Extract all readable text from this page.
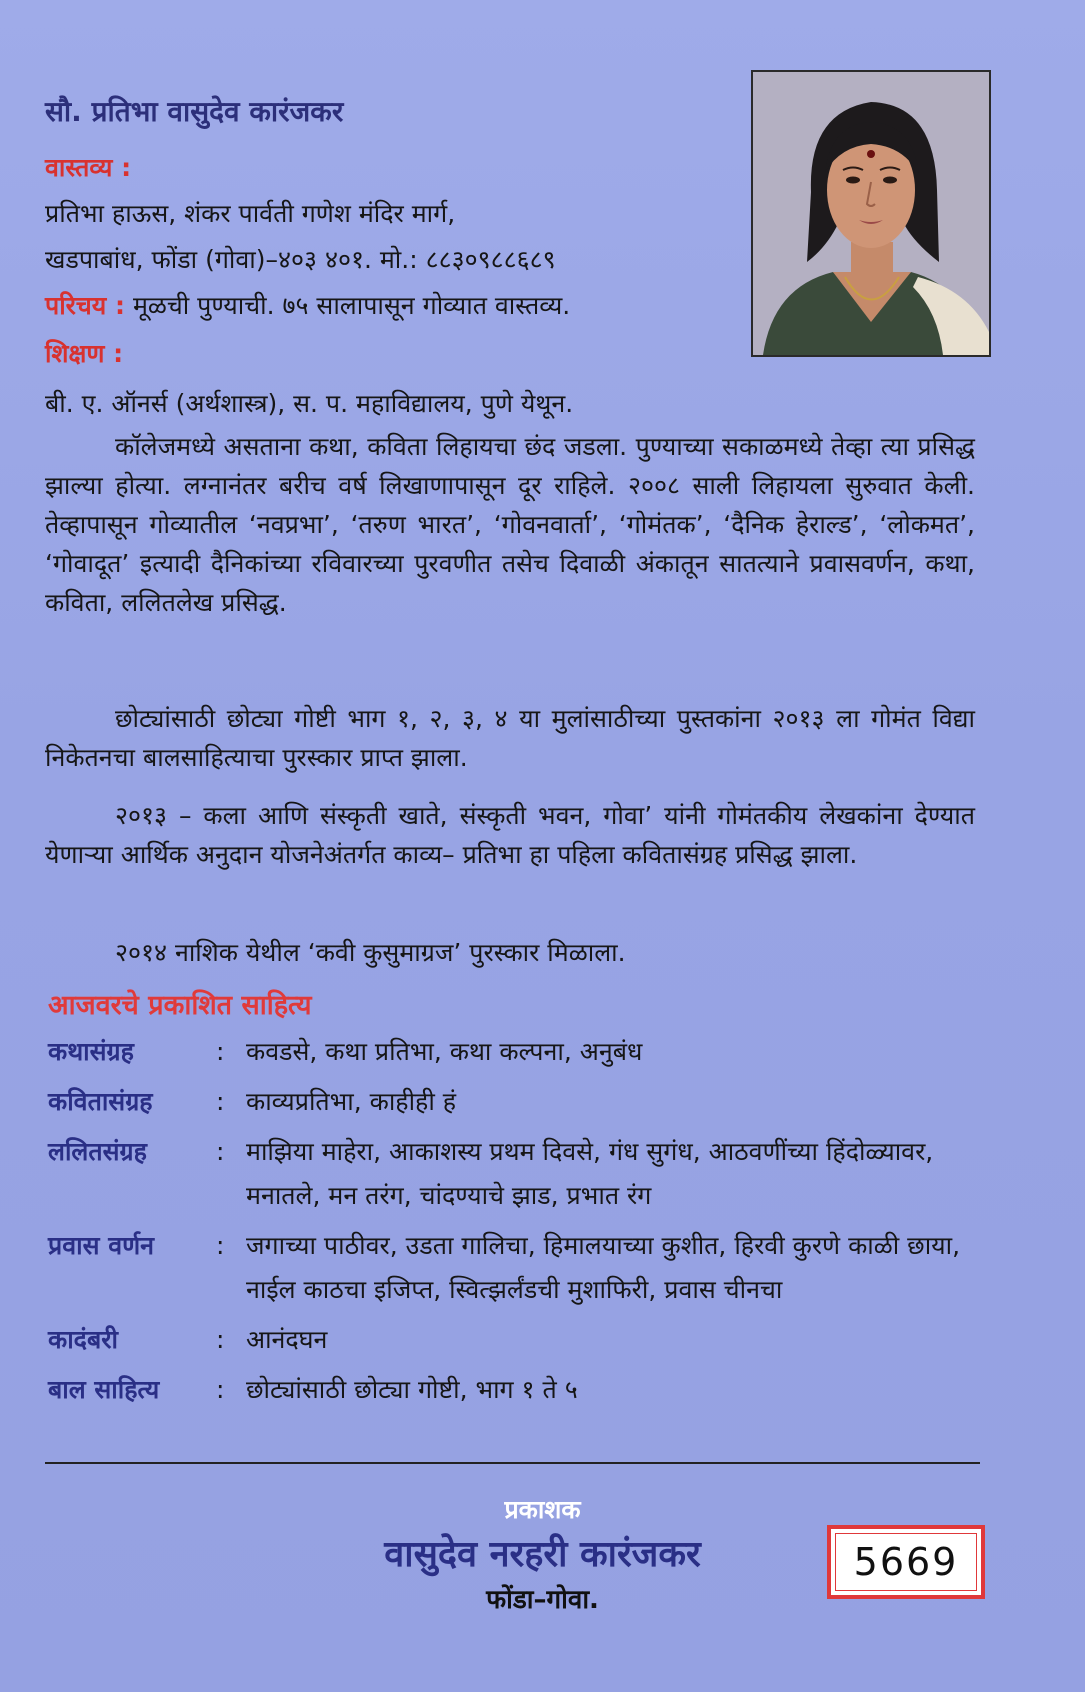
सौ. प्रतिभा वासुदेव कारंजकर
वास्तव्य :
प्रतिभा हाऊस, शंकर पार्वती गणेश मंदिर मार्ग,
खडपाबांध, फोंडा (गोवा)–४०३ ४०१. मो.: ८८३०९८८६८९
परिचय : मूळची पुण्याची. ७५ सालापासून गोव्यात वास्तव्य.
शिक्षण :
बी. ए. ऑनर्स (अर्थशास्त्र), स. प. महाविद्यालय, पुणे येथून.
कॉलेजमध्ये असताना कथा, कविता लिहायचा छंद जडला. पुण्याच्या सकाळमध्ये तेव्हा त्या प्रसिद्ध झाल्या होत्या. लग्नानंतर बरीच वर्ष लिखाणापासून दूर राहिले. २००८ साली लिहायला सुरुवात केली. तेव्हापासून गोव्यातील ‘नवप्रभा’, ‘तरुण भारत’, ‘गोवनवार्ता’, ‘गोमंतक’, ‘दैनिक हेराल्ड’, ‘लोकमत’, ‘गोवादूत’ इत्यादी दैनिकांच्या रविवारच्या पुरवणीत तसेच दिवाळी अंकातून सातत्याने प्रवासवर्णन, कथा, कविता, ललितलेख प्रसिद्ध.
छोट्यांसाठी छोट्या गोष्टी भाग १, २, ३, ४ या मुलांसाठीच्या पुस्तकांना २०१३ ला गोमंत विद्या निकेतनचा बालसाहित्याचा पुरस्कार प्राप्त झाला.
२०१३ – कला आणि संस्कृती खाते, संस्कृती भवन, गोवा’ यांनी गोमंतकीय लेखकांना देण्यात येणाऱ्या आर्थिक अनुदान योजनेअंतर्गत काव्य– प्रतिभा हा पहिला कवितासंग्रह प्रसिद्ध झाला.
२०१४ नाशिक येथील ‘कवी कुसुमाग्रज’ पुरस्कार मिळाला.
आजवरचे प्रकाशित साहित्य
कथासंग्रह	: कवडसे, कथा प्रतिभा, कथा कल्पना, अनुबंध
कवितासंग्रह	: काव्यप्रतिभा, काहीही हं
ललितसंग्रह	: माझिया माहेरा, आकाशस्य प्रथम दिवसे, गंध सुगंध, आठवणींच्या हिंदोळ्यावर, मनातले, मन तरंग, चांदण्याचे झाड, प्रभात रंग
प्रवास वर्णन	: जगाच्या पाठीवर, उडता गालिचा, हिमालयाच्या कुशीत, हिरवी कुरणे काळी छाया, नाईल काठचा इजिप्त, स्वित्झर्लंडची मुशाफिरी, प्रवास चीनचा
कादंबरी	: आनंदघन
बाल साहित्य	: छोट्यांसाठी छोट्या गोष्टी, भाग १ ते ५
प्रकाशक
वासुदेव नरहरी कारंजकर
फोंडा–गोवा.
5669
